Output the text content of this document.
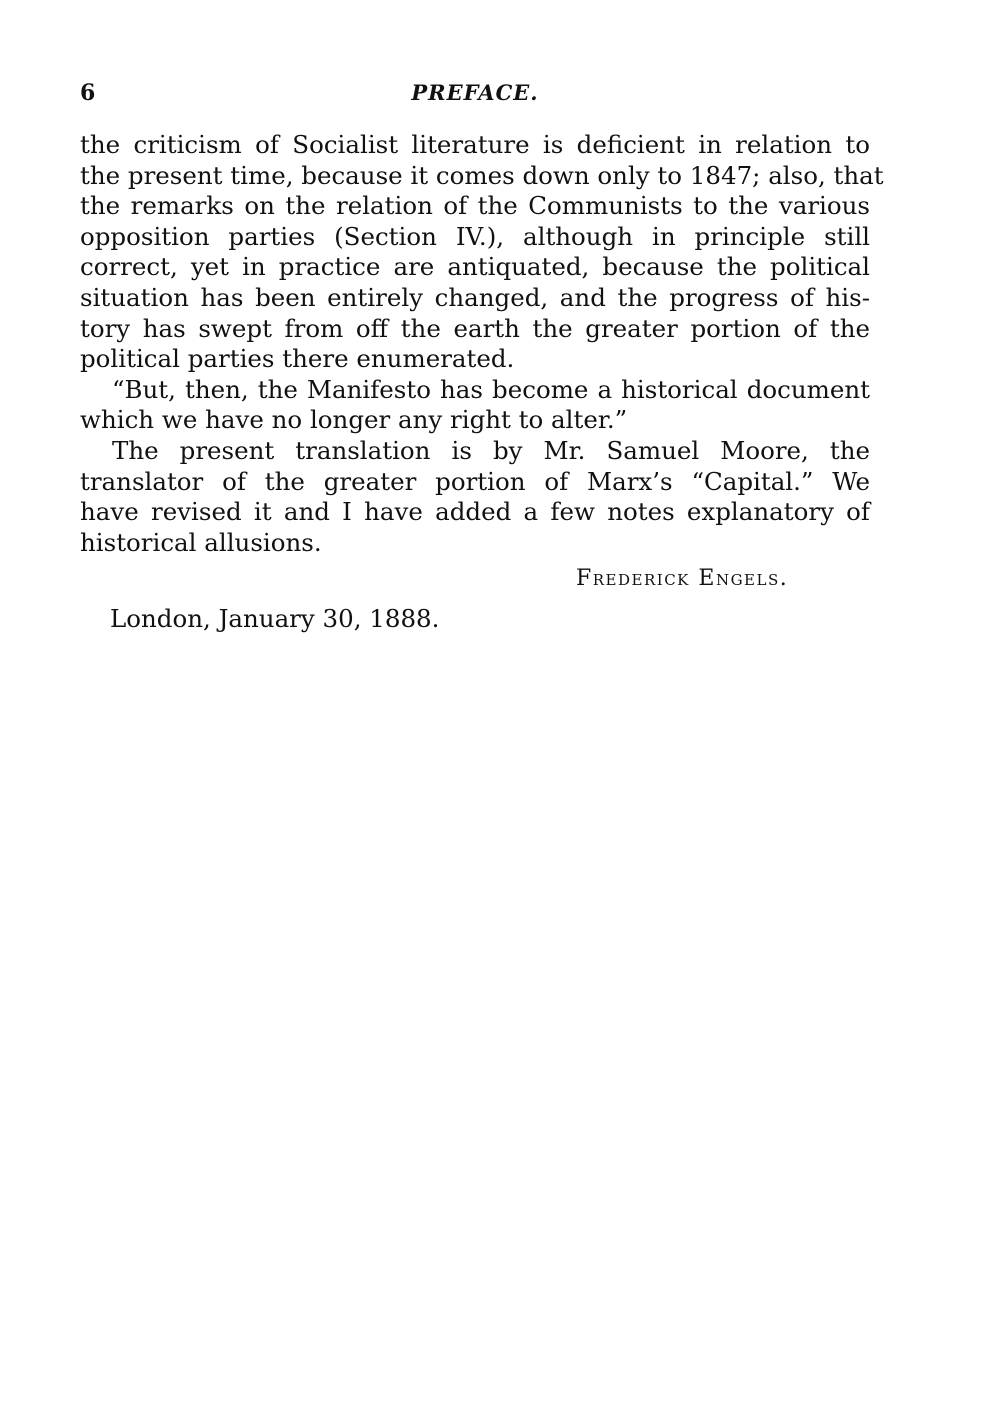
6	PREFACE.

the criticism of Socialist literature is deficient in relation to
the present time, because it comes down only to 1847; also, that
the remarks on the relation of the Communists to the various
opposition parties (Section IV.), although in principle still
correct, yet in practice are antiquated, because the political
situation has been entirely changed, and the progress of his-
tory has swept from off the earth the greater portion of the
political parties there enumerated.

“But, then, the Manifesto has become a historical document
which we have no longer any right to alter.”

The present translation is by Mr. Samuel Moore, the
translator of the greater portion of Marx’s “Capital.” We
have revised it and I have added a few notes explanatory of
historical allusions.

Frederick Engels.
London, January 30, 1888.
